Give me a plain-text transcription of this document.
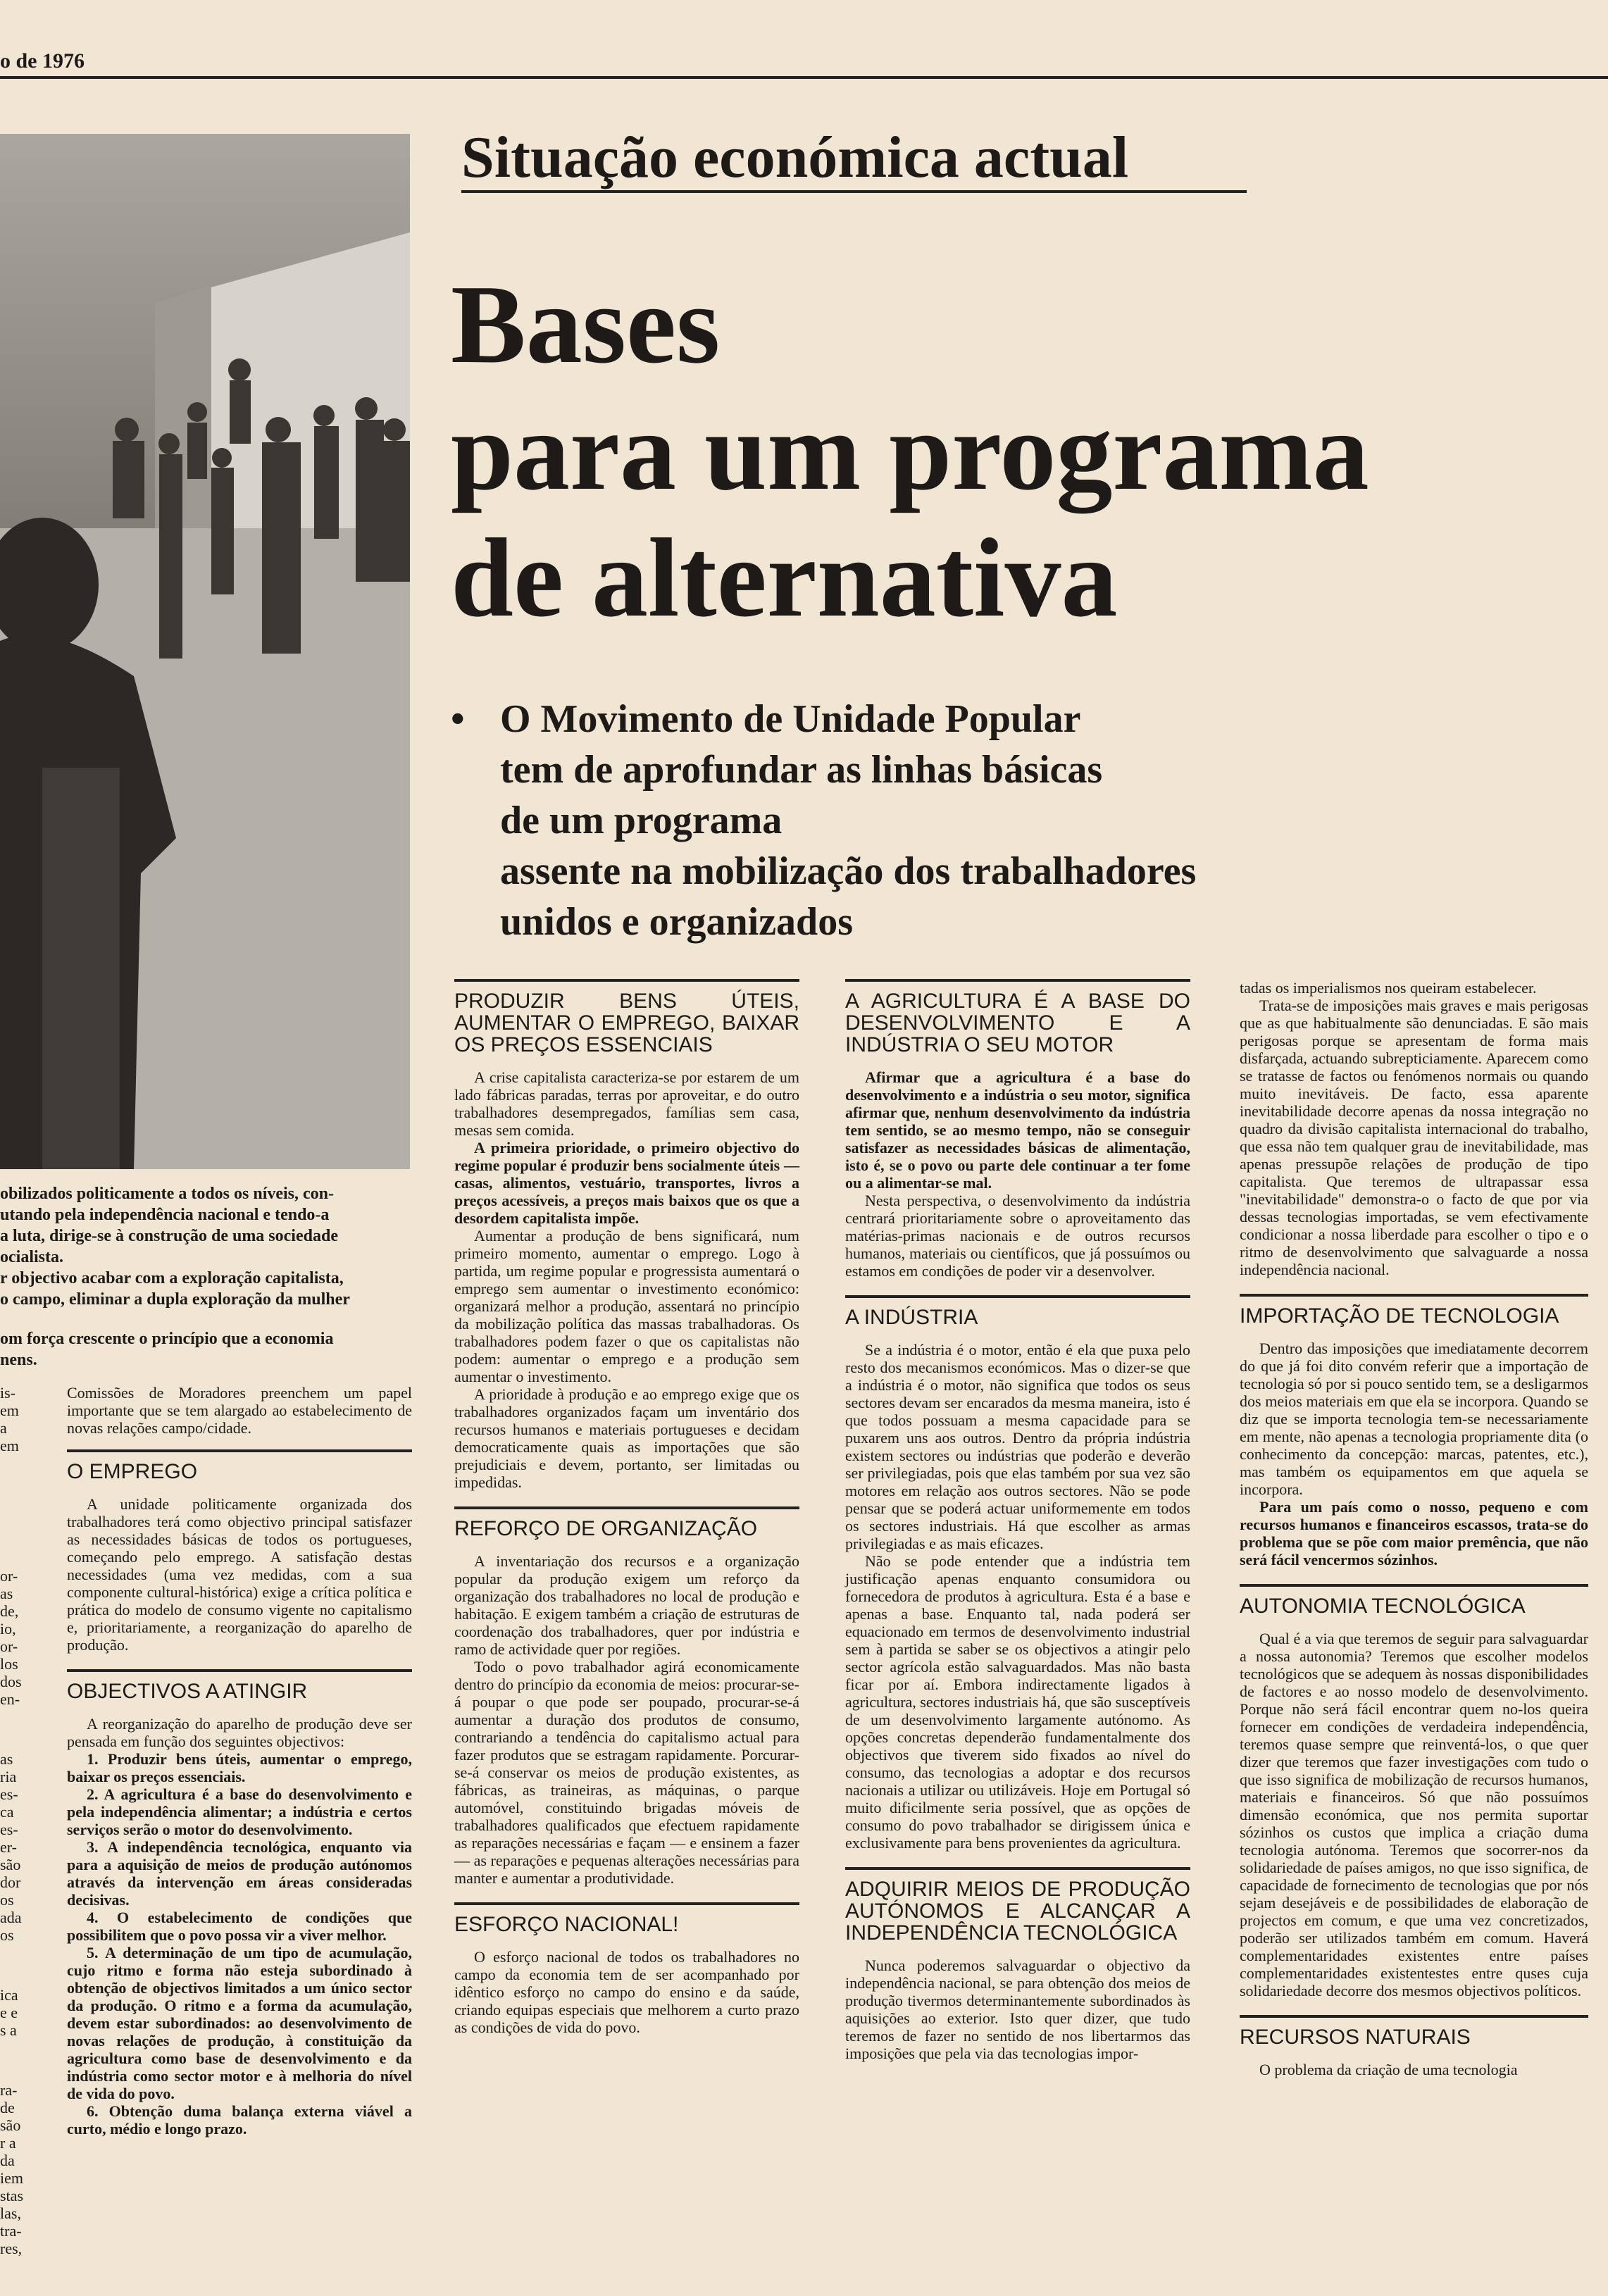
o de 1976
obilizados politicamente a todos os níveis, con-
utando pela independência nacional e tendo-a
a luta, dirige-se à construção de uma sociedade
ocialista.
r objectivo acabar com a exploração capitalista,
o campo, eliminar a dupla exploração da mulher
om força crescente o princípio que a economia
nens.
Situação económica actual
Bases
para um programa
de alternativa
• O Movimento de Unidade Popular
tem de aprofundar as linhas básicas
de um programa
assente na mobilização dos trabalhadores
unidos e organizados

Comissões de Moradores preenchem um papel importante que se tem alargado ao estabelecimento de novas relações campo/cidade.

O EMPREGO

A unidade politicamente organizada dos trabalhadores terá como objectivo principal satisfazer as necessidades básicas de todos os portugueses, começando pelo emprego. A satisfação destas necessidades (uma vez medidas, com a sua componente cultural-histórica) exige a crítica política e prática do modelo de consumo vigente no capitalismo e, prioritariamente, a reorganização do aparelho de produção.

OBJECTIVOS A ATINGIR

A reorganização do aparelho de produção deve ser pensada em função dos seguintes objectivos:

1. Produzir bens úteis, aumentar o emprego, baixar os preços essenciais.

2. A agricultura é a base do desenvolvimento e pela independência alimentar; a indústria e certos serviços serão o motor do desenvolvimento.

3. A independência tecnológica, enquanto via para a aquisição de meios de produção autónomos através da intervenção em áreas consideradas decisivas.

4. O estabelecimento de condições que possibilitem que o povo possa vir a viver melhor.

5. A determinação de um tipo de acumulação, cujo ritmo e forma não esteja subordinado à obtenção de objectivos limitados a um único sector da produção. O ritmo e a forma da acumulação, devem estar subordinados: ao desenvolvimento de novas relações de produção, à constituição da agricultura como base de desenvolvimento e da indústria como sector motor e à melhoria do nível de vida do povo.

6. Obtenção duma balança externa viável a curto, médio e longo prazo.

is-
em
a
em
or-
as
de,
io,
or-
los
dos
en-
as
ria
es-
ca
es-
er-
são
dor
os
ada
os
ica
e e
s a
ra-
de
são
r a
da
iem
stas
las,
tra-
res,
PRODUZIR BENS ÚTEIS, AUMENTAR O EMPREGO, BAIXAR OS PREÇOS ESSENCIAIS

A crise capitalista caracteriza-se por estarem de um lado fábricas paradas, terras por aproveitar, e do outro trabalhadores desempregados, famílias sem casa, mesas sem comida.

A primeira prioridade, o primeiro objectivo do regime popular é produzir bens socialmente úteis — casas, alimentos, vestuário, transportes, livros a preços acessíveis, a preços mais baixos que os que a desordem capitalista impõe.

Aumentar a produção de bens significará, num primeiro momento, aumentar o emprego. Logo à partida, um regime popular e progressista aumentará o emprego sem aumentar o investimento económico: organizará melhor a produção, assentará no princípio da mobilização política das massas trabalhadoras. Os trabalhadores podem fazer o que os capitalistas não podem: aumentar o emprego e a produção sem aumentar o investimento.

A prioridade à produção e ao emprego exige que os trabalhadores organizados façam um inventário dos recursos humanos e materiais portugueses e decidam democraticamente quais as importações que são prejudiciais e devem, portanto, ser limitadas ou impedidas.

REFORÇO DE ORGANIZAÇÃO

A inventariação dos recursos e a organização popular da produção exigem um reforço da organização dos trabalhadores no local de produção e habitação. E exigem também a criação de estruturas de coordenação dos trabalhadores, quer por indústria e ramo de actividade quer por regiões.

Todo o povo trabalhador agirá economicamente dentro do princípio da economia de meios: procurar-se-á poupar o que pode ser poupado, procurar-se-á aumentar a duração dos produtos de consumo, contrariando a tendência do capitalismo actual para fazer produtos que se estragam rapidamente. Porcurar-se-á conservar os meios de produção existentes, as fábricas, as traineiras, as máquinas, o parque automóvel, constituindo brigadas móveis de trabalhadores qualificados que efectuem rapidamente as reparações necessárias e façam — e ensinem a fazer — as reparações e pequenas alterações necessárias para manter e aumentar a produtividade.

ESFORÇO NACIONAL!

O esforço nacional de todos os trabalhadores no campo da economia tem de ser acompanhado por idêntico esforço no campo do ensino e da saúde, criando equipas especiais que melhorem a curto prazo as condições de vida do povo.

A AGRICULTURA É A BASE DO DESENVOLVIMENTO E A INDÚSTRIA O SEU MOTOR

Afirmar que a agricultura é a base do desenvolvimento e a indústria o seu motor, significa afirmar que, nenhum desenvolvimento da indústria tem sentido, se ao mesmo tempo, não se conseguir satisfazer as necessidades básicas de alimentação, isto é, se o povo ou parte dele continuar a ter fome ou a alimentar-se mal.

Nesta perspectiva, o desenvolvimento da indústria centrará prioritariamente sobre o aproveitamento das matérias-primas nacionais e de outros recursos humanos, materiais ou científicos, que já possuímos ou estamos em condições de poder vir a desenvolver.

A INDÚSTRIA

Se a indústria é o motor, então é ela que puxa pelo resto dos mecanismos económicos. Mas o dizer-se que a indústria é o motor, não significa que todos os seus sectores devam ser encarados da mesma maneira, isto é que todos possuam a mesma capacidade para se puxarem uns aos outros. Dentro da própria indústria existem sectores ou indústrias que poderão e deverão ser privilegiadas, pois que elas também por sua vez são motores em relação aos outros sectores. Não se pode pensar que se poderá actuar uniformemente em todos os sectores industriais. Há que escolher as armas privilegiadas e as mais eficazes.

Não se pode entender que a indústria tem justificação apenas enquanto consumidora ou fornecedora de produtos à agricultura. Esta é a base e apenas a base. Enquanto tal, nada poderá ser equacionado em termos de desenvolvimento industrial sem à partida se saber se os objectivos a atingir pelo sector agrícola estão salvaguardados. Mas não basta ficar por aí. Embora indirectamente ligados à agricultura, sectores industriais há, que são susceptíveis de um desenvolvimento largamente autónomo. As opções concretas dependerão fundamentalmente dos objectivos que tiverem sido fixados ao nível do consumo, das tecnologias a adoptar e dos recursos nacionais a utilizar ou utilizáveis. Hoje em Portugal só muito dificilmente seria possível, que as opções de consumo do povo trabalhador se dirigissem única e exclusivamente para bens provenientes da agricultura.

ADQUIRIR MEIOS DE PRODUÇÃO AUTÓNOMOS E ALCANÇAR A INDEPENDÊNCIA TECNOLÓGICA

Nunca poderemos salvaguardar o objectivo da independência nacional, se para obtenção dos meios de produção tivermos determinantemente subordinados às aquisições ao exterior. Isto quer dizer, que tudo teremos de fazer no sentido de nos libertarmos das imposições que pela via das tecnologias impor-

tadas os imperialismos nos queiram estabelecer.

Trata-se de imposições mais graves e mais perigosas que as que habitualmente são denunciadas. E são mais perigosas porque se apresentam de forma mais disfarçada, actuando subrepticiamente. Aparecem como se tratasse de factos ou fenómenos normais ou quando muito inevitáveis. De facto, essa aparente inevitabilidade decorre apenas da nossa integração no quadro da divisão capitalista internacional do trabalho, que essa não tem qualquer grau de inevitabilidade, mas apenas pressupõe relações de produção de tipo capitalista. Que teremos de ultrapassar essa "inevitabilidade" demonstra-o o facto de que por via dessas tecnologias importadas, se vem efectivamente condicionar a nossa liberdade para escolher o tipo e o ritmo de desenvolvimento que salvaguarde a nossa independência nacional.

IMPORTAÇÃO DE TECNOLOGIA

Dentro das imposições que imediatamente decorrem do que já foi dito convém referir que a importação de tecnologia só por si pouco sentido tem, se a desligarmos dos meios materiais em que ela se incorpora. Quando se diz que se importa tecnologia tem-se necessariamente em mente, não apenas a tecnologia propriamente dita (o conhecimento da concepção: marcas, patentes, etc.), mas também os equipamentos em que aquela se incorpora.

Para um país como o nosso, pequeno e com recursos humanos e financeiros escassos, trata-se do problema que se põe com maior premência, que não será fácil vencermos sózinhos.

AUTONOMIA TECNOLÓGICA

Qual é a via que teremos de seguir para salvaguardar a nossa autonomia? Teremos que escolher modelos tecnológicos que se adequem às nossas disponibilidades de factores e ao nosso modelo de desenvolvimento. Porque não será fácil encontrar quem no-los queira fornecer em condições de verdadeira independência, teremos quase sempre que reinventá-los, o que quer dizer que teremos que fazer investigações com tudo o que isso significa de mobilização de recursos humanos, materiais e financeiros. Só que não possuímos dimensão económica, que nos permita suportar sózinhos os custos que implica a criação duma tecnologia autónoma. Teremos que socorrer-nos da solidariedade de países amigos, no que isso significa, de capacidade de fornecimento de tecnologias que por nós sejam desejáveis e de possibilidades de elaboração de projectos em comum, e que uma vez concretizados, poderão ser utilizados também em comum. Haverá complementaridades existentes entre países complementaridades existentestes entre quses cuja solidariedade decorre dos mesmos objectivos políticos.

RECURSOS NATURAIS

O problema da criação de uma tecnologia
